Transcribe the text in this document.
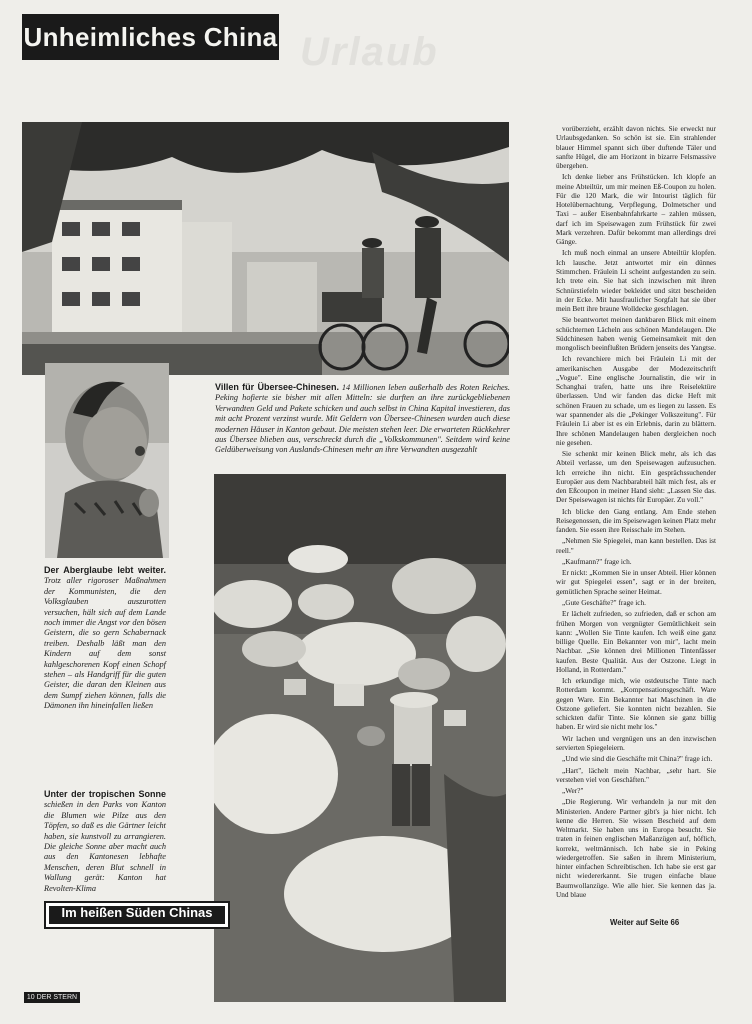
Urlaub
Unheimliches China
Villen für Übersee-Chinesen. 14 Millionen leben außerhalb des Roten Reiches. Peking hofierte sie bisher mit allen Mitteln: sie durften an ihre zurückgebliebenen Verwandten Geld und Pakete schicken und auch selbst in China Kapital investieren, das mit acht Prozent verzinst wurde. Mit Geldern von Übersee-Chinesen wurden auch diese modernen Häuser in Kanton gebaut. Die meisten stehen leer. Die erwarteten Rückkehrer aus Übersee blieben aus, verschreckt durch die „Volkskommunen". Seitdem wird keine Geldüberweisung von Auslands-Chinesen mehr an ihre Verwandten ausgezahlt
Der Aberglaube lebt weiter. Trotz aller rigoroser Maßnahmen der Kommunisten, die den Volksglauben auszurotten versuchen, hält sich auf dem Lande noch immer die Angst vor den bösen Geistern, die so gern Schabernack treiben. Deshalb läßt man den Kindern auf dem sonst kahlgeschorenen Kopf einen Schopf stehen – als Handgriff für die guten Geister, die daran den Kleinen aus dem Sumpf ziehen können, falls die Dämonen ihn hineinfallen ließen
Unter der tropischen Sonne schießen in den Parks von Kanton die Blumen wie Pilze aus den Töpfen, so daß es die Gärtner leicht haben, sie kunstvoll zu arrangieren. Die gleiche Sonne aber macht auch aus den Kantonesen lebhafte Menschen, deren Blut schnell in Wallung gerät: Kanton hat Revolten-Klima

vorüberzieht, erzählt davon nichts. Sie erweckt nur Urlaubsgedanken. So schön ist sie. Ein strahlender blauer Himmel spannt sich über duftende Täler und sanfte Hügel, die am Horizont in bizarre Felsmassive übergehen.

Ich denke lieber ans Frühstücken. Ich klopfe an meine Abteiltür, um mir meinen Eß-Coupon zu holen. Für die 120 Mark, die wir Intourist täglich für Hotelübernachtung, Verpflegung, Dolmetscher und Taxi – außer Eisenbahnfahrkarte – zahlen müssen, darf ich im Speisewagen zum Frühstück für zwei Mark verzehren. Dafür bekommt man allerdings drei Gänge.

Ich muß noch einmal an unsere Abteiltür klopfen. Ich lausche. Jetzt antwortet mir ein dünnes Stimmchen. Fräulein Li scheint aufgestanden zu sein. Ich trete ein. Sie hat sich inzwischen mit ihren Schnürstiefeln wieder bekleidet und sitzt bescheiden in der Ecke. Mit hausfraulicher Sorgfalt hat sie über mein Bett ihre braune Wolldecke geschlagen.

Sie beantwortet meinen dankbaren Blick mit einem schüchternen Lächeln aus schönen Mandelaugen. Die Südchinesen haben wenig Gemeinsamkeit mit den mongolisch beeinflußten Brüdern jenseits des Yangtse.

Ich revanchiere mich bei Fräulein Li mit der amerikanischen Ausgabe der Modezeitschrift „Vogue". Eine englische Journalistin, die wir in Schanghai trafen, hatte uns ihre Reiselektüre überlassen. Und wir fanden das dicke Heft mit schönen Frauen zu schade, um es liegen zu lassen. Es war spannender als die „Pekinger Volkszeitung". Für Fräulein Li aber ist es ein Erlebnis, darin zu blättern. Ihre schönen Mandelaugen haben dergleichen noch nie gesehen.

Sie schenkt mir keinen Blick mehr, als ich das Abteil verlasse, um den Speisewagen aufzusuchen. Ich erreiche ihn nicht. Ein gesprächssuchender Europäer aus dem Nachbarabteil hält mich fest, als er den Eßcoupon in meiner Hand sieht: „Lassen Sie das. Der Speisewagen ist nichts für Europäer. Zu voll."

Ich blicke den Gang entlang. Am Ende stehen Reisegenossen, die im Speisewagen keinen Platz mehr fanden. Sie essen ihre Reisschale im Stehen.

„Nehmen Sie Spiegelei, man kann bestellen. Das ist reell."

„Kaufmann?" frage ich.

Er nickt: „Kommen Sie in unser Abteil. Hier können wir gut Spiegelei essen", sagt er in der breiten, gemütlichen Sprache seiner Heimat.

„Gute Geschäfte?" frage ich.

Er lächelt zufrieden, so zufrieden, daß er schon am frühen Morgen von vergnügter Gemütlichkeit sein kann: „Wollen Sie Tinte kaufen. Ich weiß eine ganz billige Quelle. Ein Bekannter von mir", lacht mein Nachbar. „Sie können drei Millionen Tintenfässer kaufen. Beste Qualität. Aus der Ostzone. Liegt in Holland, in Rotterdam."

Ich erkundige mich, wie ostdeutsche Tinte nach Rotterdam kommt. „Kompensationsgeschäft. Ware gegen Ware. Ein Bekannter hat Maschinen in die Ostzone geliefert. Sie konnten nicht bezahlen. Sie schickten dafür Tinte. Sie können sie ganz billig haben. Er wird sie nicht mehr los."

Wir lachen und vergnügen uns an den inzwischen servierten Spiegeleiern.

„Und wie sind die Geschäfte mit China?" frage ich.

„Hart", lächelt mein Nachbar, „sehr hart. Sie verstehen viel von Geschäften."

„Wer?"

„Die Regierung. Wir verhandeln ja nur mit den Ministerien. Andere Partner gibt's ja hier nicht. Ich kenne die Herren. Sie wissen Bescheid auf dem Weltmarkt. Sie haben uns in Europa besucht. Sie traten in feinen englischen Maßanzügen auf, höflich, korrekt, weltmännisch. Ich habe sie in Peking wiedergetroffen. Sie saßen in ihrem Ministerium, hinter einfachen Schreibtischen. Ich habe sie erst gar nicht wiedererkannt. Sie trugen einfache blaue Baumwollanzüge. Wie alle hier. Sie kennen das ja. Und blaue

Weiter auf Seite 66
Im heißen Süden Chinas
10 DER STERN
